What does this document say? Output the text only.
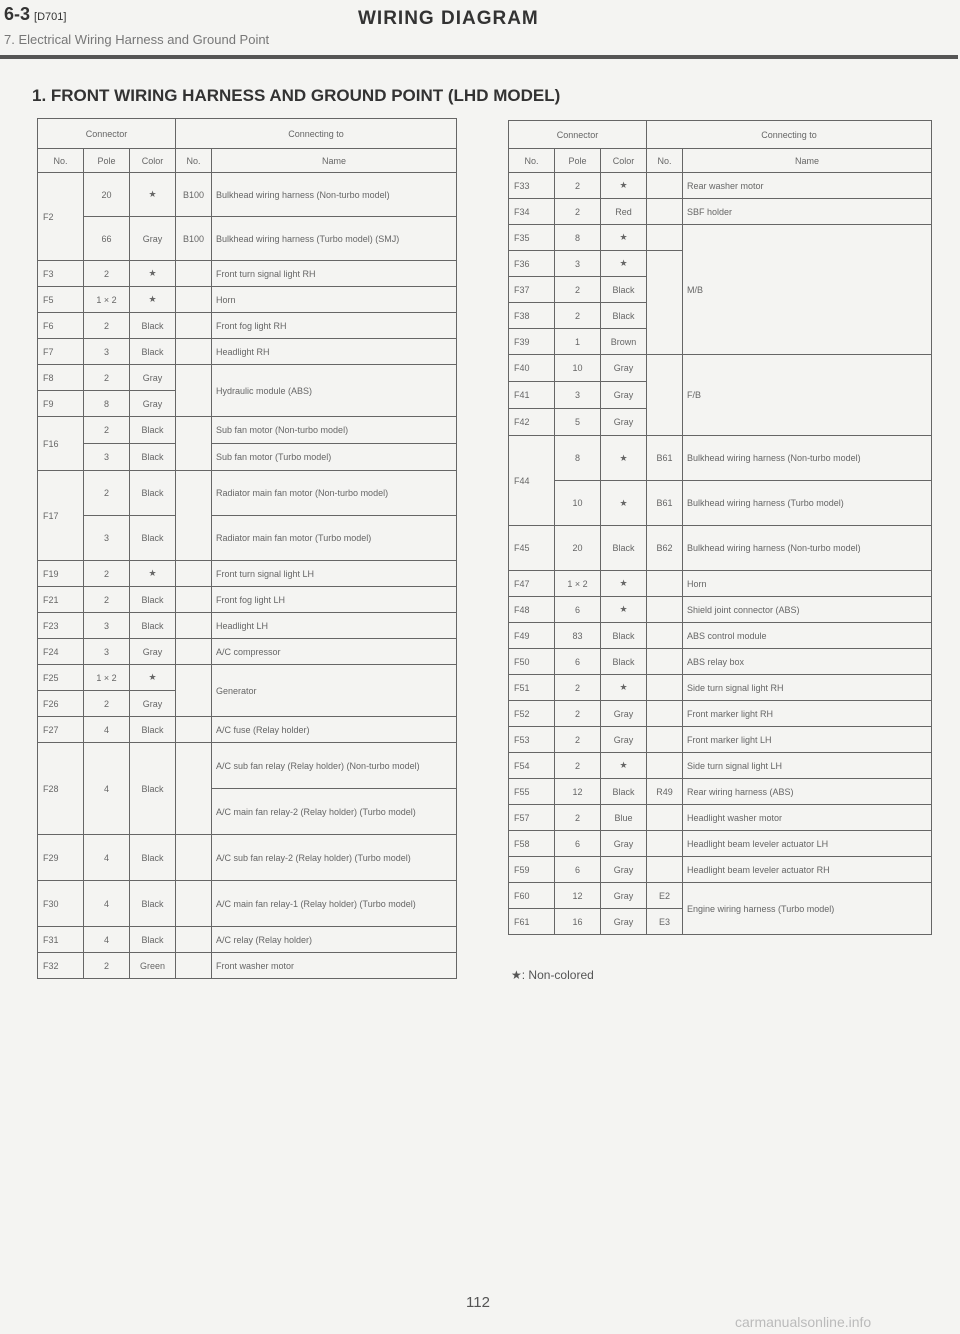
6-3 [D701]	WIRING DIAGRAM
7. Electrical Wiring Harness and Ground Point
1. FRONT WIRING HARNESS AND GROUND POINT (LHD MODEL)
Connector			Connecting to	
No.	Pole	Color	No.	Name
F2	20	★	B100	Bulkhead wiring harness (Non-turbo model)
	66	Gray	B100	Bulkhead wiring harness (Turbo model) (SMJ)
F3	2	★		Front turn signal light RH
F5	1 × 2	★		Horn
F6	2	Black		Front fog light RH
F7	3	Black		Headlight RH
F8	2	Gray		Hydraulic module (ABS)
F9	8	Gray		
F16	2	Black		Sub fan motor (Non-turbo model)
	3	Black		Sub fan motor (Turbo model)
F17	2	Black		Radiator main fan motor (Non-turbo model)
	3	Black		Radiator main fan motor (Turbo model)
F19	2	★		Front turn signal light LH
F21	2	Black		Front fog light LH
F23	3	Black		Headlight LH
F24	3	Gray		A/C compressor
F25	1 × 2	★		Generator
F26	2	Gray		
F27	4	Black		A/C fuse (Relay holder)
F28	4	Black		A/C sub fan relay (Relay holder) (Non-turbo model)
				A/C main fan relay-2 (Relay holder) (Turbo model)
F29	4	Black		A/C sub fan relay-2 (Relay holder) (Turbo model)
F30	4	Black		A/C main fan relay-1 (Relay holder) (Turbo model)
F31	4	Black		A/C relay (Relay holder)
F32	2	Green		Front washer motor
Connector			Connecting to	
No.	Pole	Color	No.	Name
F33	2	★		Rear washer motor
F34	2	Red		SBF holder
F35	8	★		M/B
F36	3	★		
F37	2	Black		
F38	2	Black		
F39	1	Brown		
F40	10	Gray		F/B
F41	3	Gray		
F42	5	Gray		
F44	8	★	B61	Bulkhead wiring harness (Non-turbo model)
	10	★	B61	Bulkhead wiring harness (Turbo model)
F45	20	Black	B62	Bulkhead wiring harness (Non-turbo model)
F47	1 × 2	★		Horn
F48	6	★		Shield joint connector (ABS)
F49	83	Black		ABS control module
F50	6	Black		ABS relay box
F51	2	★		Side turn signal light RH
F52	2	Gray		Front marker light RH
F53	2	Gray		Front marker light LH
F54	2	★		Side turn signal light LH
F55	12	Black	R49	Rear wiring harness (ABS)
F57	2	Blue		Headlight washer motor
F58	6	Gray		Headlight beam leveler actuator LH
F59	6	Gray		Headlight beam leveler actuator RH
F60	12	Gray	E2	Engine wiring harness (Turbo model)
F61	16	Gray	E3	
★: Non-colored
112
carmanualsonline.info
